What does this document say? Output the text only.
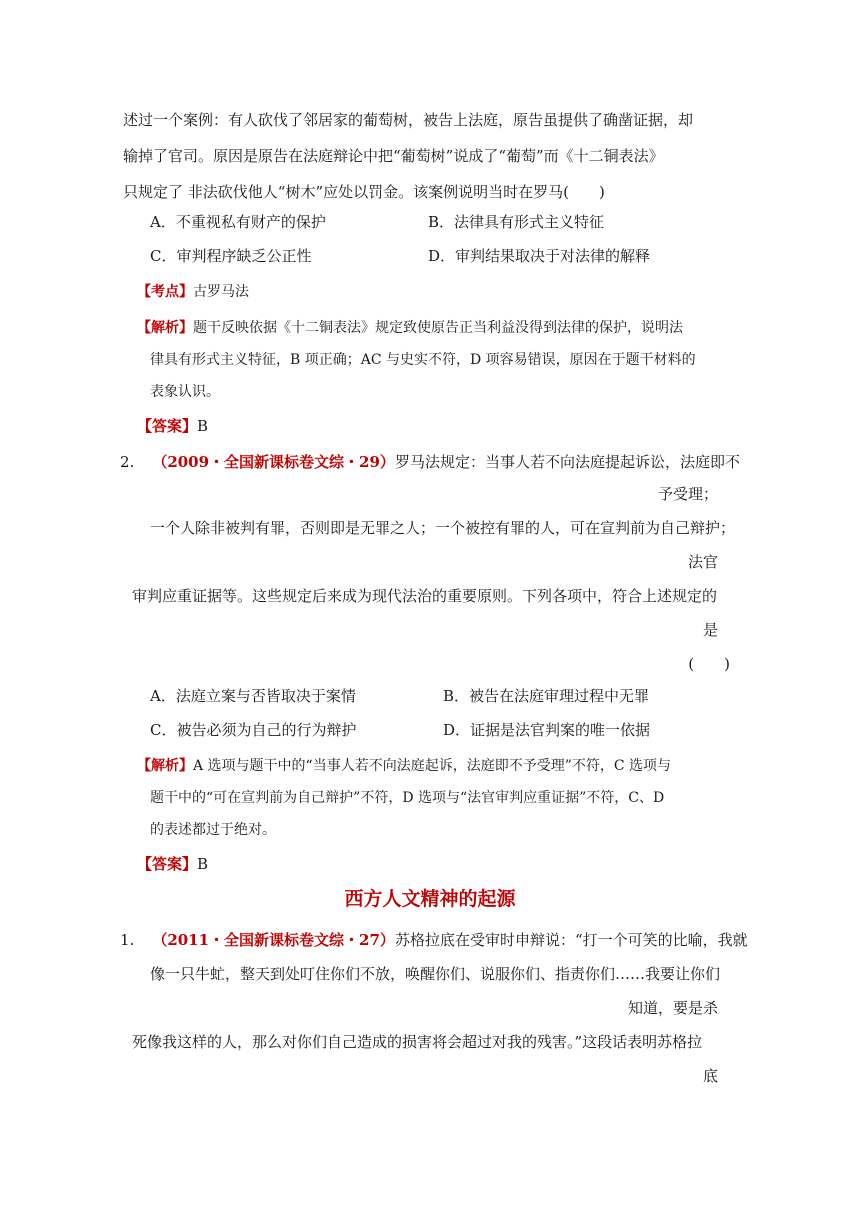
述过一个案例：有人砍伐了邻居家的葡萄树，被告上法庭，原告虽提供了确凿证据，却
输掉了官司。原因是原告在法庭辩论中把“葡萄树”说成了“葡萄”而《十二铜表法》
只规定了 非法砍伐他人“树木”应处以罚金。该案例说明当时在罗马(　　)
A．不重视私有财产的保护	B．法律具有形式主义特征
C．审判程序缺乏公正性	D．审判结果取决于对法律的解释
【考点】古罗马法
【解析】题干反映依据《十二铜表法》规定致使原告正当利益没得到法律的保护，说明法
律具有形式主义特征，B 项正确；AC 与史实不符，D 项容易错误，原因在于题干材料的
表象认识。
【答案】B
2. （2009・全国新课标卷文综・29）罗马法规定：当事人若不向法庭提起诉讼，法庭即不
予受理；
一个人除非被判有罪，否则即是无罪之人；一个被控有罪的人，可在宣判前为自己辩护；
法官
审判应重证据等。这些规定后来成为现代法治的重要原则。下列各项中，符合上述规定的
是
(　　)
A．法庭立案与否皆取决于案情	B．被告在法庭审理过程中无罪
C．被告必须为自己的行为辩护	D．证据是法官判案的唯一依据
【解析】A 选项与题干中的“当事人若不向法庭起诉，法庭即不予受理”不符，C 选项与
题干中的“可在宣判前为自己辩护”不符，D 选项与“法官审判应重证据”不符，C、D
的表述都过于绝对。
【答案】B
西方人文精神的起源
1. （2011・全国新课标卷文综・27）苏格拉底在受审时申辩说：“打一个可笑的比喻，我就
像一只牛虻，整天到处叮住你们不放，唤醒你们、说服你们、指责你们……我要让你们
知道，要是杀
死像我这样的人，那么对你们自己造成的损害将会超过对我的残害。”这段话表明苏格拉
底
